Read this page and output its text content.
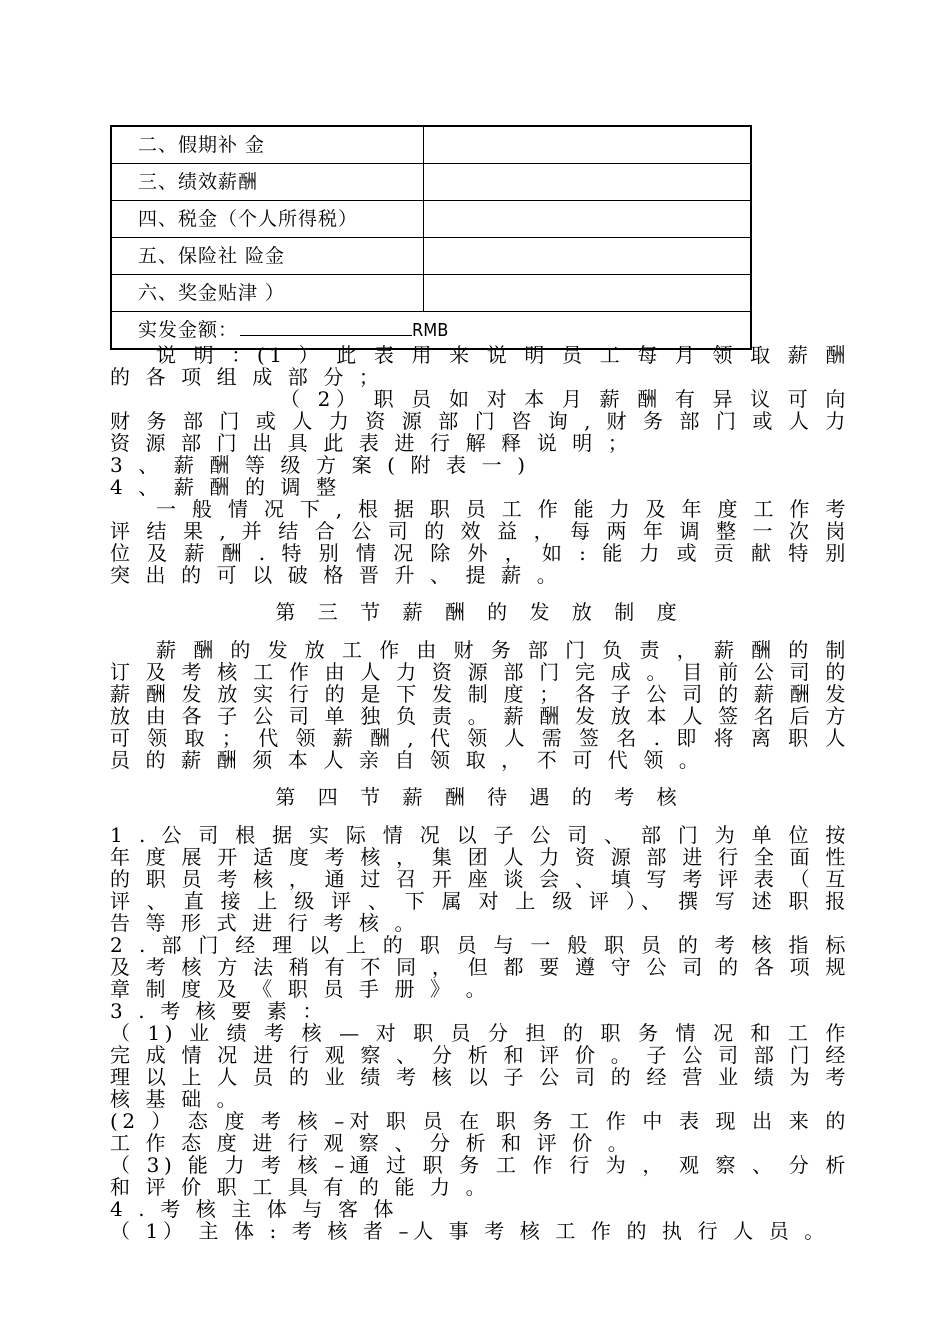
二、假期补 金
三、绩效薪酬
四、税金（个人所得税）
五、保险社 险金
六、奖金贴津 ）
实发金额：	RMB

说 明 ：(1 ） 此 表 用 来 说 明 员 工 每 月 领 取 薪 酬 的 各 项 组 成 部 分 ；

（ 2） 职 员 如 对 本 月 薪 酬 有 异 议 可 向 财 务 部 门 或 人 力 资 源 部 门 咨 询 , 财 务 部 门 或 人 力 资 源 部 门 出 具 此 表 进 行 解 释 说 明 ；

3 、 薪 酬 等 级 方 案 ( 附 表 一 )

4 、 薪 酬 的 调 整

一 般 情 况 下 , 根 据 职 员 工 作 能 力 及 年 度 工 作 考 评 结 果 , 并 结 合 公 司 的 效 益 ， 每 两 年 调 整 一 次 岗 位 及 薪 酬 . 特 别 情 况 除 外 ， 如 : 能 力 或 贡 献 特 别 突 出 的 可 以 破 格 晋 升 、 提 薪 。

第 三 节 薪 酬 的 发 放 制 度

薪 酬 的 发 放 工 作 由 财 务 部 门 负 责 ， 薪 酬 的 制 订 及 考 核 工 作 由 人 力 资 源 部 门 完 成 。 目 前 公 司 的 薪 酬 发 放 实 行 的 是 下 发 制 度 ； 各 子 公 司 的 薪 酬 发 放 由 各 子 公 司 单 独 负 责 。 薪 酬 发 放 本 人 签 名 后 方 可 领 取 ； 代 领 薪 酬 , 代 领 人 需 签 名 . 即 将 离 职 人 员 的 薪 酬 须 本 人 亲 自 领 取 ， 不 可 代 领 。

第 四 节 薪 酬 待 遇 的 考 核

1 . 公 司 根 据 实 际 情 况 以 子 公 司 、 部 门 为 单 位 按 年 度 展 开 适 度 考 核 ， 集 团 人 力 资 源 部 进 行 全 面 性 的 职 员 考 核 ， 通 过 召 开 座 谈 会 、 填 写 考 评 表 （ 互 评 、 直 接 上 级 评 、 下 属 对 上 级 评 ）、 撰 写 述 职 报 告 等 形 式 进 行 考 核 。

2 . 部 门 经 理 以 上 的 职 员 与 一 般 职 员 的 考 核 指 标 及 考 核 方 法 稍 有 不 同 ， 但 都 要 遵 守 公 司 的 各 项 规 章 制 度 及 《 职 员 手 册 》 。

3 . 考 核 要 素 ：

（ 1) 业 绩 考 核 — 对 职 员 分 担 的 职 务 情 况 和 工 作 完 成 情 况 进 行 观 察 、 分 析 和 评 价 。 子 公 司 部 门 经 理 以 上 人 员 的 业 绩 考 核 以 子 公 司 的 经 营 业 绩 为 考 核 基 础 。

(2 ） 态 度 考 核 –对 职 员 在 职 务 工 作 中 表 现 出 来 的 工 作 态 度 进 行 观 察 、 分 析 和 评 价 。

（ 3) 能 力 考 核 –通 过 职 务 工 作 行 为 ， 观 察 、 分 析 和 评 价 职 工 具 有 的 能 力 。

4 . 考 核 主 体 与 客 体

（ 1） 主 体 : 考 核 者 –人 事 考 核 工 作 的 执 行 人 员 。
